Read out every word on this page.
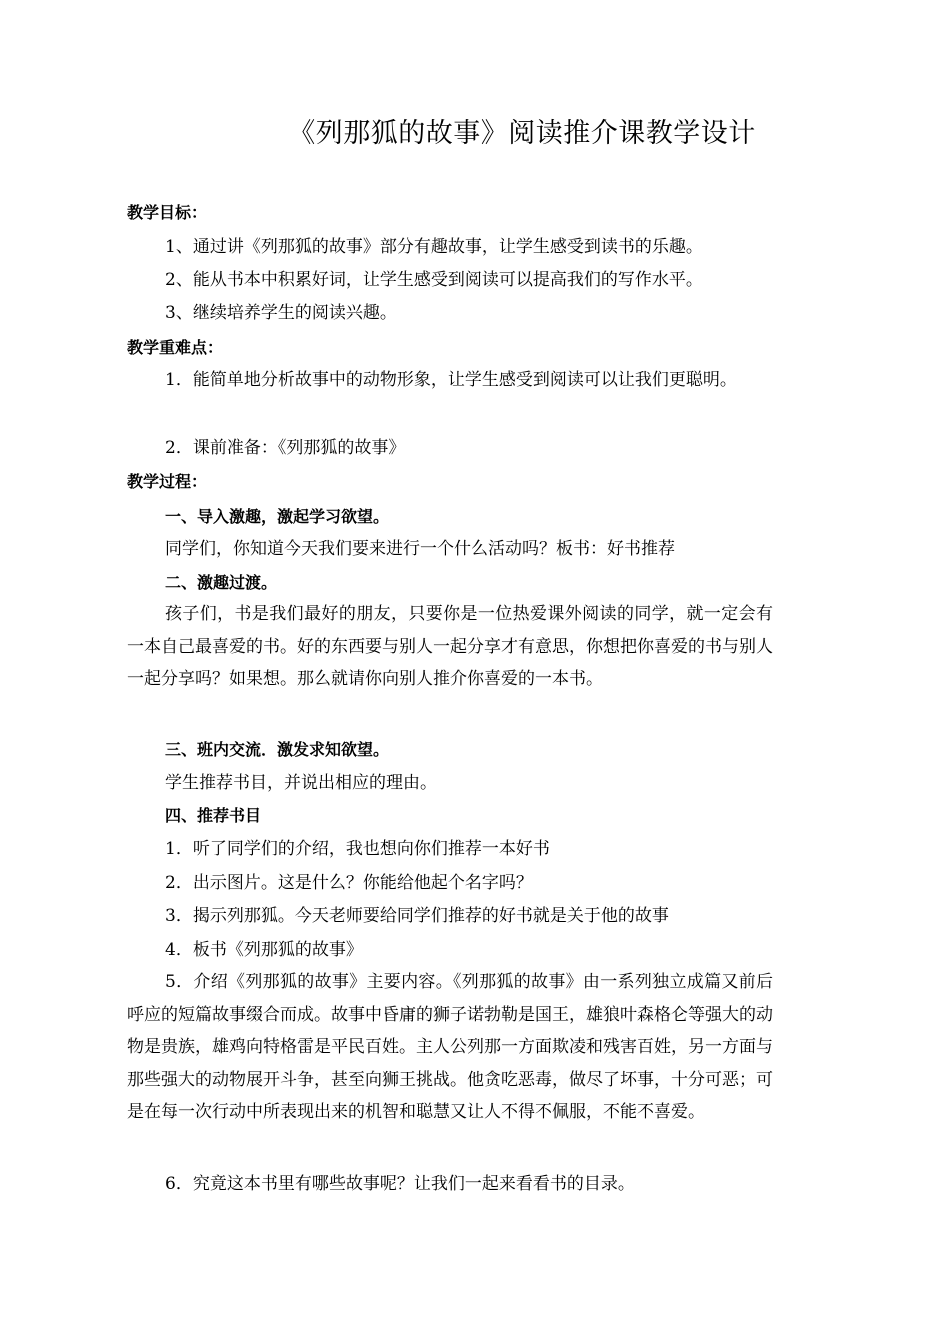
《列那狐的故事》阅读推介课教学设计
教学目标：
1、通过讲《列那狐的故事》部分有趣故事，让学生感受到读书的乐趣。
2、能从书本中积累好词，让学生感受到阅读可以提高我们的写作水平。
3、继续培养学生的阅读兴趣。
教学重难点：
1．能简单地分析故事中的动物形象，让学生感受到阅读可以让我们更聪明。
2．课前准备：《列那狐的故事》
教学过程：
一、导入激趣，激起学习欲望。
同学们，你知道今天我们要来进行一个什么活动吗？板书：好书推荐
二、激趣过渡。
孩子们，书是我们最好的朋友，只要你是一位热爱课外阅读的同学，就一定会有一本自己最喜爱的书。好的东西要与别人一起分享才有意思，你想把你喜爱的书与别人一起分享吗？如果想。那么就请你向别人推介你喜爱的一本书。
三、班内交流．激发求知欲望。
学生推荐书目，并说出相应的理由。
四、推荐书目
1．听了同学们的介绍，我也想向你们推荐一本好书
2．出示图片。这是什么？你能给他起个名字吗？
3．揭示列那狐。今天老师要给同学们推荐的好书就是关于他的故事
4．板书《列那狐的故事》
5．介绍《列那狐的故事》主要内容。《列那狐的故事》由一系列独立成篇又前后呼应的短篇故事缀合而成。故事中昏庸的狮子诺勃勒是国王，雄狼叶森格仑等强大的动物是贵族，雄鸡向特格雷是平民百姓。主人公列那一方面欺凌和残害百姓，另一方面与那些强大的动物展开斗争，甚至向狮王挑战。他贪吃恶毒，做尽了坏事，十分可恶；可是在每一次行动中所表现出来的机智和聪慧又让人不得不佩服，不能不喜爱。
6．究竟这本书里有哪些故事呢？让我们一起来看看书的目录。
